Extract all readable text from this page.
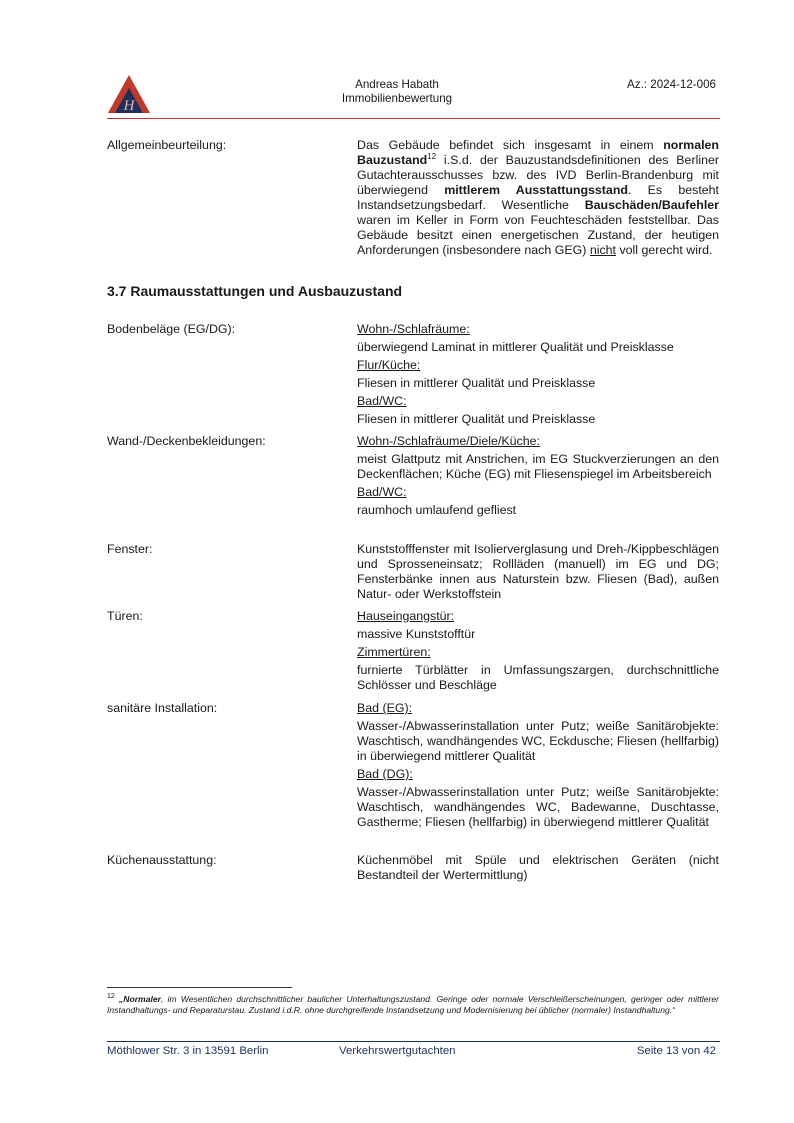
H
Andreas Habath
Immobilienbewertung
Az.: 2024-12-006
Allgemeinbeurteilung:	Das Gebäude befindet sich insgesamt in einem normalen Bauzustand$^{12}$ i.S.d. der Bauzustandsdefinitionen des Berliner Gutachterausschusses bzw. des IVD Berlin-Brandenburg mit überwiegend mittlerem Ausstattungsstand. Es besteht Instandsetzungsbedarf. Wesentliche Bauschäden/Baufehler waren im Keller in Form von Feuchteschäden feststellbar. Das Gebäude besitzt einen energetischen Zustand, der heutigen Anforderungen (insbesondere nach GEG) nicht voll gerecht wird.
3.7 Raumausstattungen und Ausbauzustand
Bodenbeläge (EG/DG):	Wohn-/Schlafräume:
überwiegend Laminat in mittlerer Qualität und Preisklasse
Flur/Küche:
Fliesen in mittlerer Qualität und Preisklasse
Bad/WC:
Fliesen in mittlerer Qualität und Preisklasse
Wand-/Deckenbekleidungen:	Wohn-/Schlafräume/Diele/Küche:
meist Glattputz mit Anstrichen, im EG Stuckverzierungen an den Deckenflächen; Küche (EG) mit Fliesenspiegel im Arbeitsbereich
Bad/WC:
raumhoch umlaufend gefliest
Fenster:	Kunststofffenster mit Isolierverglasung und Dreh-/Kippbeschlägen und Sprosseneinsatz; Rollläden (manuell) im EG und DG; Fensterbänke innen aus Naturstein bzw. Fliesen (Bad), außen Natur- oder Werkstoffstein
Türen:	Hauseingangstür:
massive Kunststofftür
Zimmertüren:
furnierte Türblätter in Umfassungszargen, durchschnittliche Schlösser und Beschläge
sanitäre Installation:	Bad (EG):
Wasser-/Abwasserinstallation unter Putz; weiße Sanitärobjekte: Waschtisch, wandhängendes WC, Eckdusche; Fliesen (hellfarbig) in überwiegend mittlerer Qualität
Bad (DG):
Wasser-/Abwasserinstallation unter Putz; weiße Sanitärobjekte: Waschtisch, wandhängendes WC, Badewanne, Duschtasse, Gastherme; Fliesen (hellfarbig) in überwiegend mittlerer Qualität
Küchenausstattung:	Küchenmöbel mit Spüle und elektrischen Geräten (nicht Bestandteil der Wertermittlung)
$^{12}$ „Normaler, im Wesentlichen durchschnittlicher baulicher Unterhaltungszustand. Geringe oder normale Verschleißerscheinungen, geringer oder mittlerer Instandhaltungs- und Reparaturstau. Zustand i.d.R. ohne durchgreifende Instandsetzung und Modernisierung bei üblicher (normaler) Instandhaltung.“
Möthlower Str. 3 in 13591 Berlin	Verkehrswertgutachten	Seite 13 von 42
